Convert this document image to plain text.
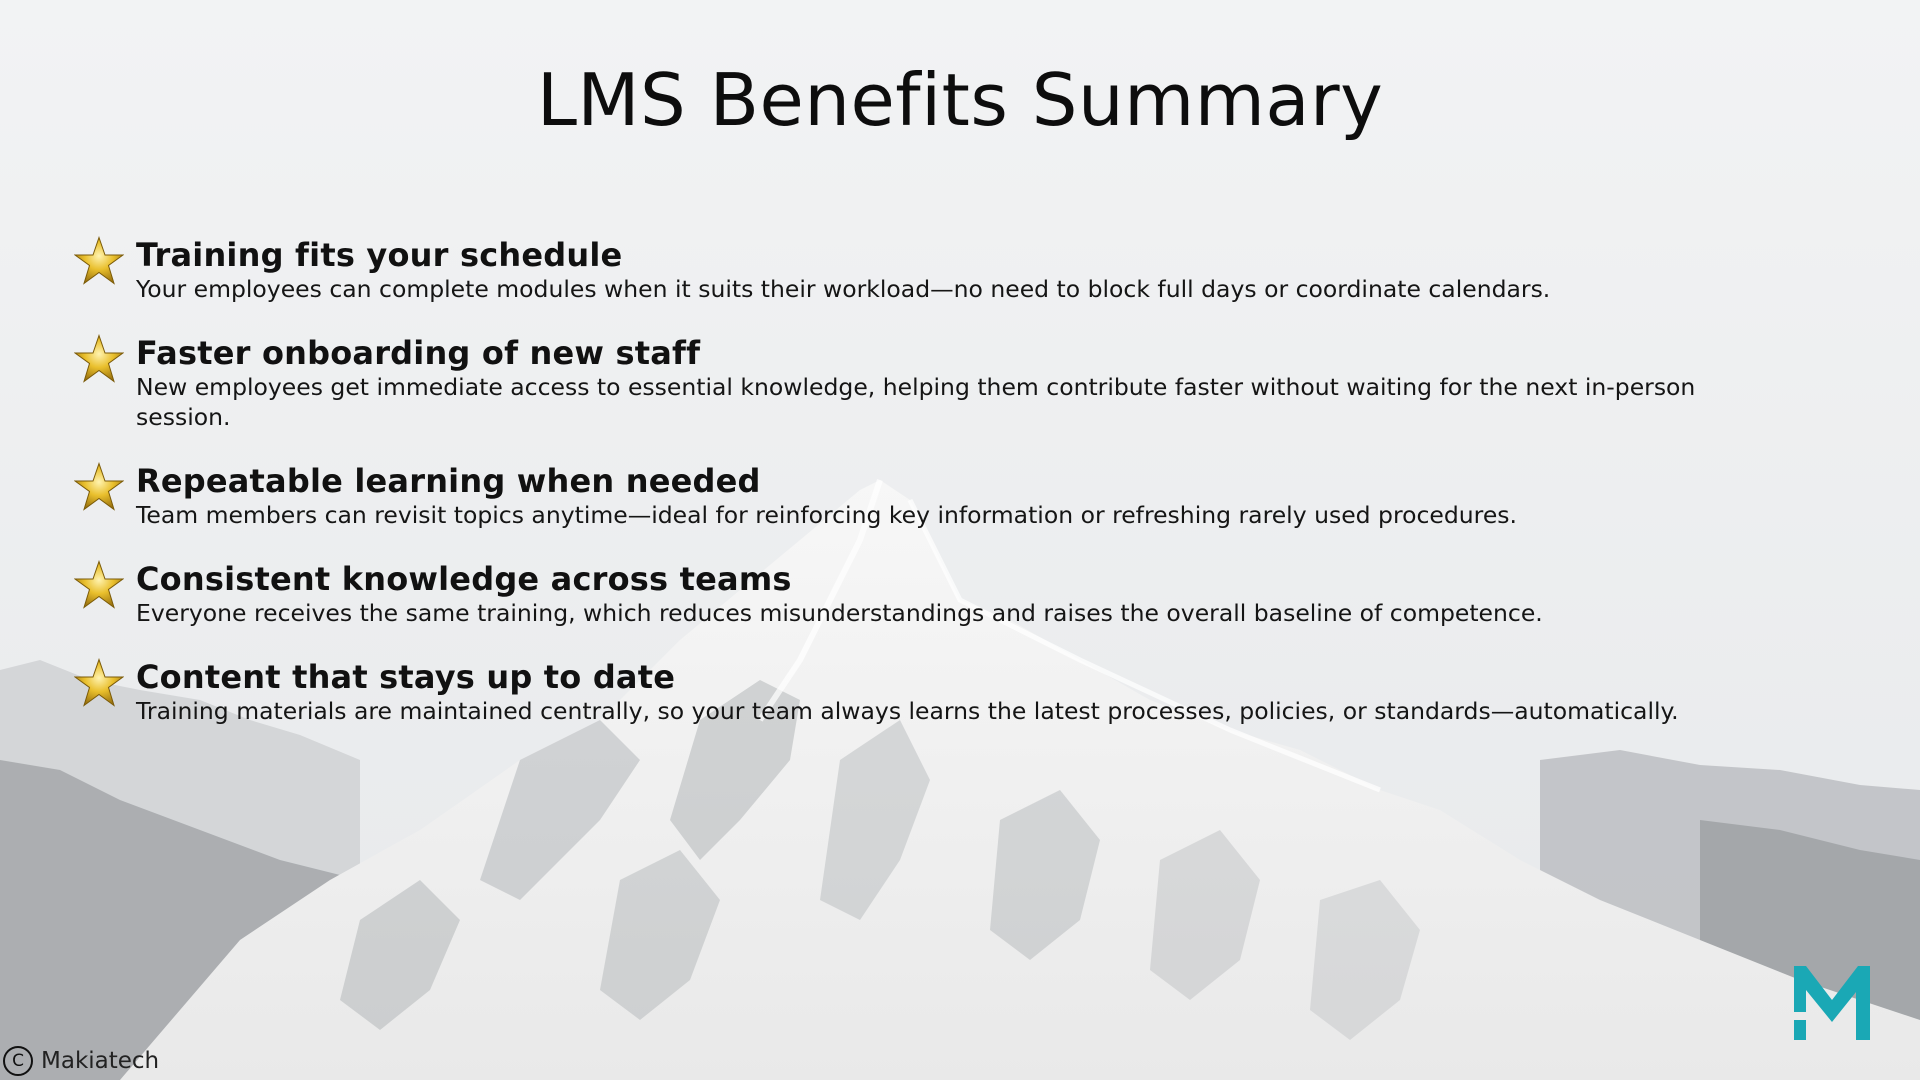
LMS Benefits Summary
Training fits your schedule
Your employees can complete modules when it suits their workload—no need to block full days or coordinate calendars.
Faster onboarding of new staff
New employees get immediate access to essential knowledge, helping them contribute faster without waiting for the next in-person session.
Repeatable learning when needed
Team members can revisit topics anytime—ideal for reinforcing key information or refreshing rarely used procedures.
Consistent knowledge across teams
Everyone receives the same training, which reduces misunderstandings and raises the overall baseline of competence.
Content that stays up to date
Training materials are maintained centrally, so your team always learns the latest processes, policies, or standards—automatically.
C Makiatech
